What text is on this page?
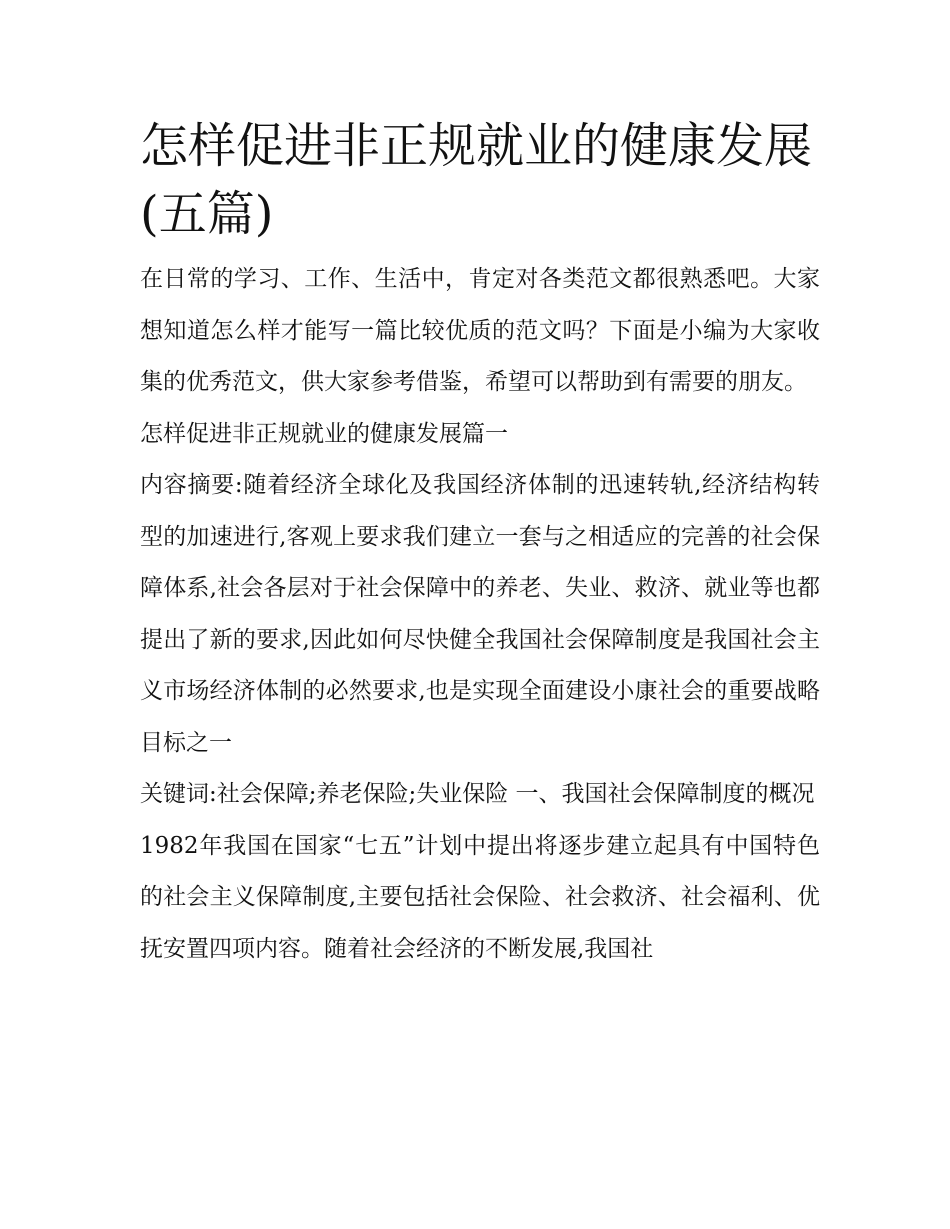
怎样促进非正规就业的健康发展(五篇)

在日常的学习、工作、生活中，肯定对各类范文都很熟悉吧。大家想知道怎么样才能写一篇比较优质的范文吗？下面是小编为大家收集的优秀范文，供大家参考借鉴，希望可以帮助到有需要的朋友。

怎样促进非正规就业的健康发展篇一

内容摘要:随着经济全球化及我国经济体制的迅速转轨,经济结构转型的加速进行,客观上要求我们建立一套与之相适应的完善的社会保障体系,社会各层对于社会保障中的养老、失业、救济、就业等也都提出了新的要求,因此如何尽快健全我国社会保障制度是我国社会主义市场经济体制的必然要求,也是实现全面建设小康社会的重要战略目标之一

关键词:社会保障;养老保险;失业保险 一、我国社会保障制度的概况

1982年我国在国家“七五”计划中提出将逐步建立起具有中国特色的社会主义保障制度,主要包括社会保险、社会救济、社会福利、优抚安置四项内容。随着社会经济的不断发展,我国社
